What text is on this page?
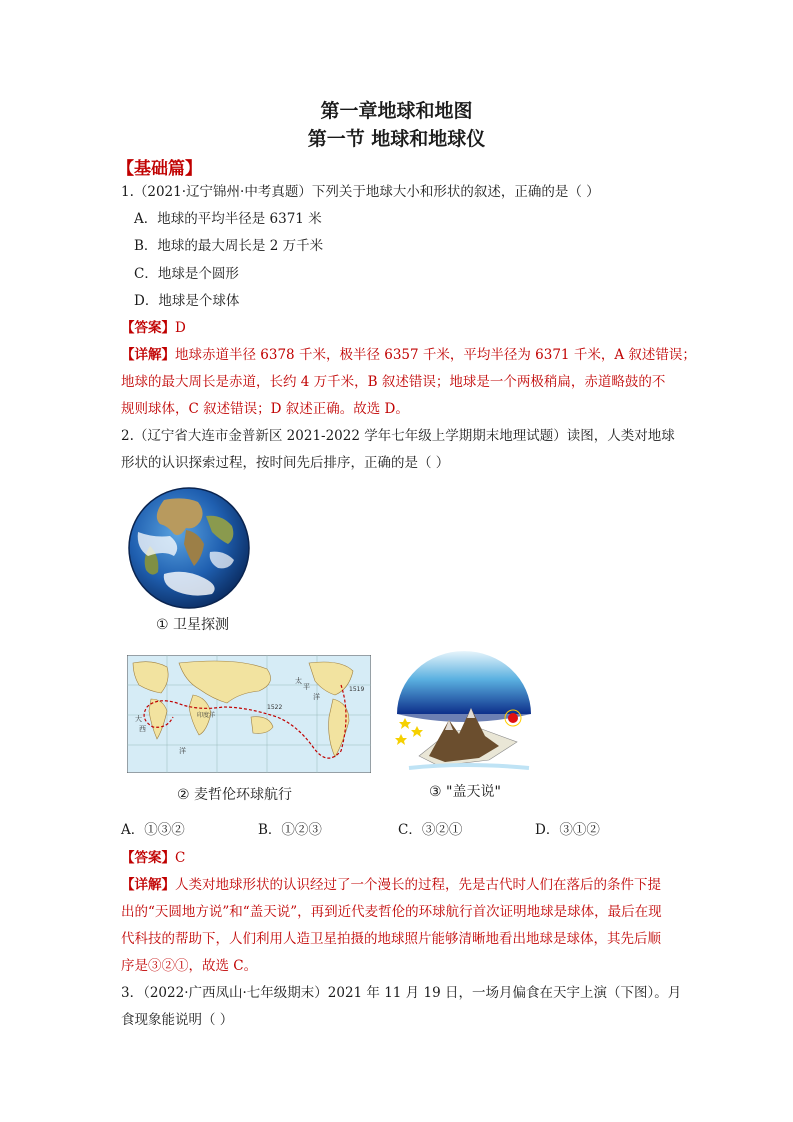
第一章地球和地图
第一节 地球和地球仪
【基础篇】
1.（2021·辽宁锦州·中考真题）下列关于地球大小和形状的叙述，正确的是（ ）
A．地球的平均半径是 6371 米
B．地球的最大周长是 2 万千米
C．地球是个圆形
D．地球是个球体
【答案】D
【详解】地球赤道半径 6378 千米，极半径 6357 千米，平均半径为 6371 千米，A 叙述错误；
地球的最大周长是赤道，长约 4 万千米，B 叙述错误；地球是一个两极稍扁，赤道略鼓的不
规则球体，C 叙述错误；D 叙述正确。故选 D。
2.（辽宁省大连市金普新区 2021-2022 学年七年级上学期期末地理试题）读图，人类对地球
形状的认识探索过程，按时间先后排序，正确的是（ ）
① 卫星探测
太
平
洋
大
西
洋
印度洋
1519
1522
② 麦哲伦环球航行	③ "盖天说"
A．①③②	B．①②③	C．③②①	D．③①②
【答案】C
【详解】人类对地球形状的认识经过了一个漫长的过程，先是古代时人们在落后的条件下提
出的“天圆地方说”和“盖天说”，再到近代麦哲伦的环球航行首次证明地球是球体，最后在现
代科技的帮助下，人们利用人造卫星拍摄的地球照片能够清晰地看出地球是球体，其先后顺
序是③②①，故选 C。
3．（2022·广西凤山·七年级期末）2021 年 11 月 19 日，一场月偏食在天宇上演（下图）。月
食现象能说明（ ）
